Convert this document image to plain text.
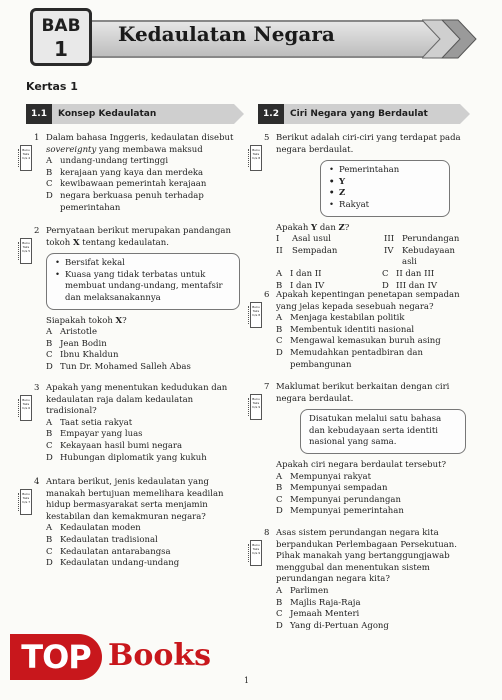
BAB
1
Kedaulatan Negara
Kertas 1
1.1	Konsep Kedaulatan	1.2	Ciri Negara yang Berdaulat
1
Buku Teks m/s 4
Dalam bahasa Inggeris, kedaulatan disebut sovereignty yang membawa maksud
A undang-undang tertinggi
B kerajaan yang kaya dan merdeka
C kewibawaan pemerintah kerajaan
D negara berkuasa penuh terhadap pemerintahan
2
Buku Teks m/s 5
Pernyataan berikut merupakan pandangan tokoh X tentang kedaulatan.
• Bersifat kekal
• Kuasa yang tidak terbatas untuk membuat undang-undang, mentafsir dan melaksanakannya
Siapakah tokoh X?
A Aristotle
B Jean Bodin
C Ibnu Khaldun
D Tun Dr. Mohamed Salleh Abas
3
Buku Teks m/s 6
Apakah yang menentukan kedudukan dan kedaulatan raja dalam kedaulatan tradisional?
A Taat setia rakyat
B Empayar yang luas
C Kekayaan hasil bumi negara
D Hubungan diplomatik yang kukuh
4
Buku Teks m/s 7
Antara berikut, jenis kedaulatan yang manakah bertujuan memelihara keadilan hidup bermasyarakat serta menjamin kestabilan dan kemakmuran negara?
A Kedaulatan moden
B Kedaulatan tradisional
C Kedaulatan antarabangsa
D Kedaulatan undang-undang
5
Buku Teks m/s 8
Berikut adalah ciri-ciri yang terdapat pada negara berdaulat.
• Pemerintahan
• Y
• Z
• Rakyat
Apakah Y dan Z?
I	Asal usul	III Perundangan
II	Sempadan	IV	Kebudayaan asli
A I dan II	C II dan III
B I dan IV	D III dan IV
6
Buku Teks m/s 8
Apakah kepentingan penetapan sempadan yang jelas kepada sesebuah negara?
A Menjaga kestabilan politik
B Membentuk identiti nasional
C Mengawal kemasukan buruh asing
D Memudahkan pentadbiran dan pembangunan
7
Buku Teks m/s 9
Maklumat berikut berkaitan dengan ciri negara berdaulat.
Disatukan melalui satu bahasa dan kebudayaan serta identiti nasional yang sama.
Apakah ciri negara berdaulat tersebut?
A Mempunyai rakyat
B Mempunyai sempadan
C Mempunyai perundangan
D Mempunyai pemerintahan
8
Buku Teks m/s 9
Asas sistem perundangan negara kita berpandukan Perlembagaan Persekutuan. Pihak manakah yang bertanggungjawab menggubal dan menentukan sistem perundangan negara kita?
A Parlimen
B Majlis Raja-Raja
C Jemaah Menteri
D Yang di-Pertuan Agong
TOP Books
1
